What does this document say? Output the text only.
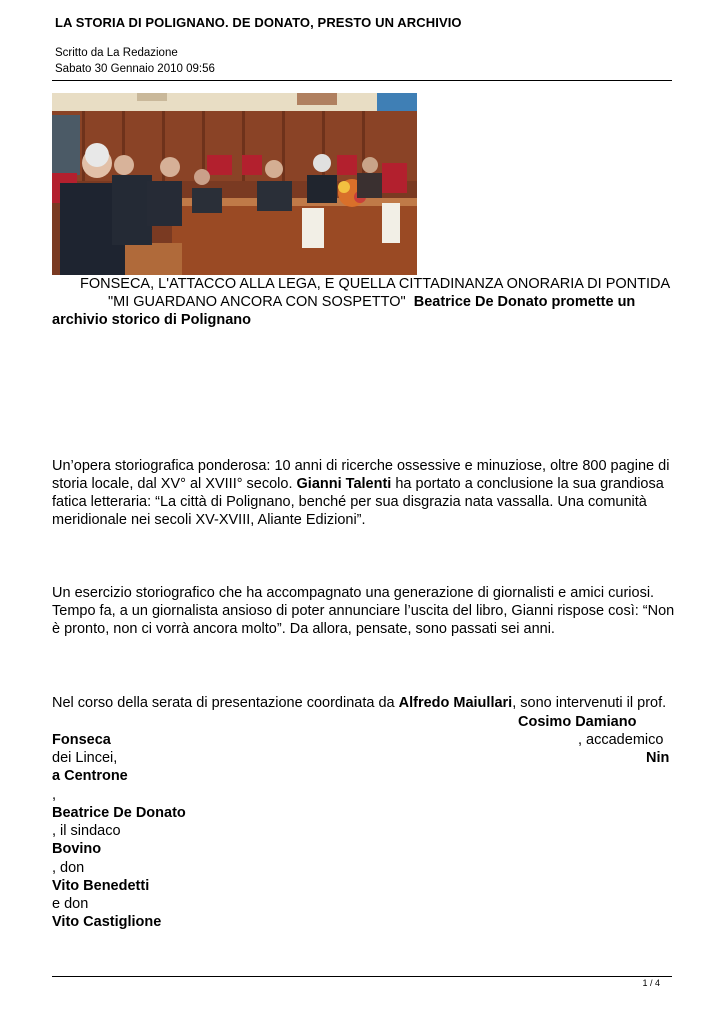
LA STORIA DI POLIGNANO. DE DONATO, PRESTO UN ARCHIVIO
Scritto da La Redazione
Sabato 30 Gennaio 2010 09:56
FONSECA, L'ATTACCO ALLA LEGA, E QUELLA CITTADINANZA ONORARIA DI PONTIDA"MI GUARDANO ANCORA CON SOSPETTO" Beatrice De Donato promette un archivio storico di Polignano
Un’opera storiografica ponderosa: 10 anni di ricerche ossessive e minuziose, oltre 800 pagine di storia locale, dal XV° al XVIII° secolo. Gianni Talenti ha portato a conclusione la sua grandiosa fatica letteraria: “La città di Polignano, benché per sua disgrazia nata vassalla. Una comunità meridionale nei secoli XV-XVIII, Aliante Edizioni”.
Un esercizio storiografico che ha accompagnato una generazione di giornalisti e amici curiosi. Tempo fa, a un giornalista ansioso di poter annunciare l’uscita del libro, Gianni rispose così: “Non è pronto, non ci vorrà ancora molto”. Da allora, pensate, sono passati sei anni.
Nel corso della serata di presentazione coordinata da Alfredo Maiullari, sono intervenuti il prof.
Cosimo Damiano
Fonseca	, accademico
dei Lincei,	Nin
a Centrone
,
Beatrice De Donato
, il sindaco
Bovino
, don
Vito Benedetti
e don
Vito Castiglione
1 / 4
